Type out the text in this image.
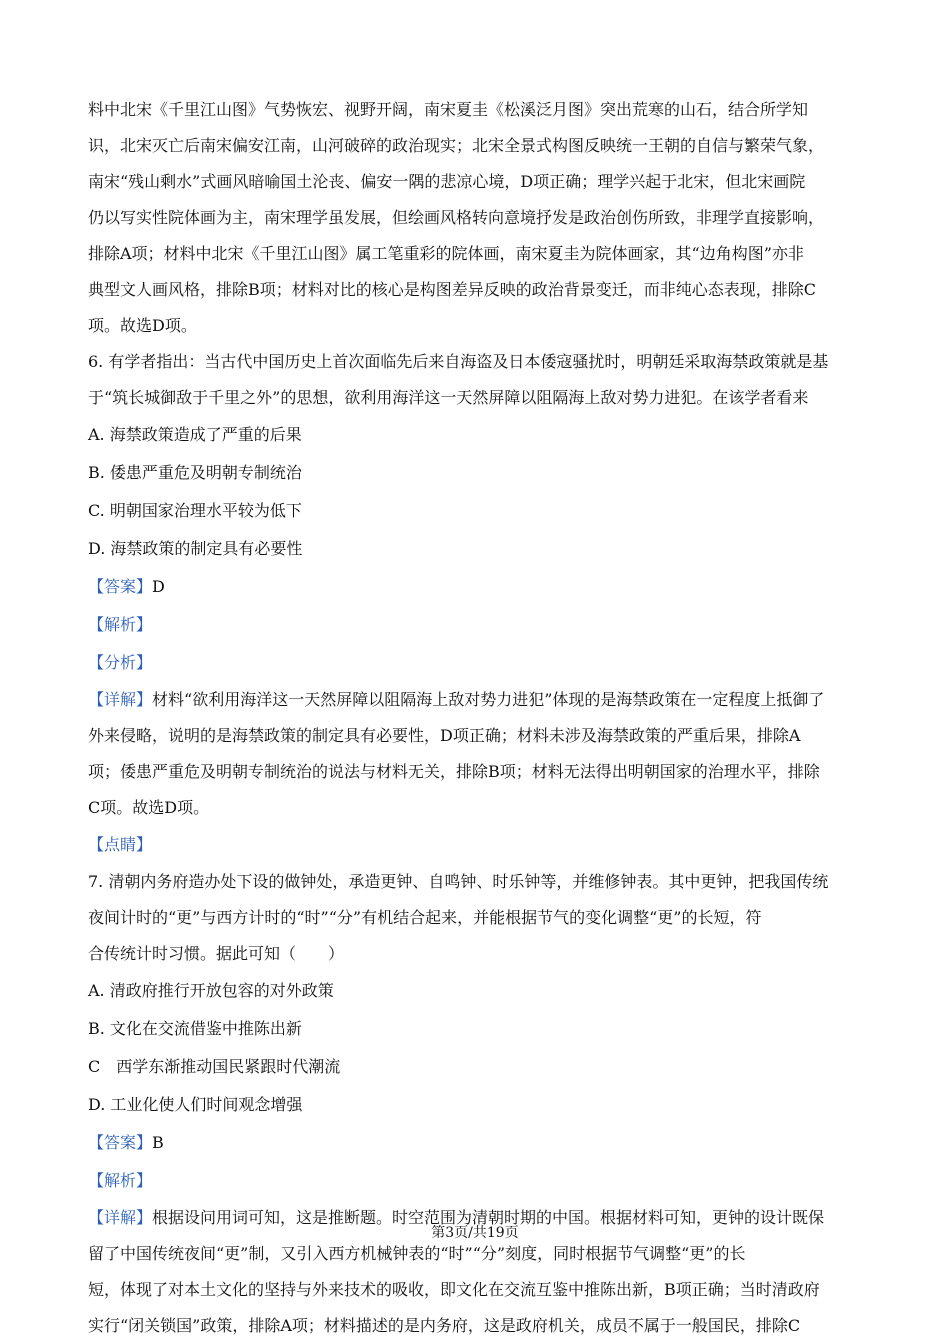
料中北宋《千里江山图》气势恢宏、视野开阔，南宋夏圭《松溪泛月图》突出荒寒的山石，结合所学知
识，北宋灭亡后南宋偏安江南，山河破碎的政治现实；北宋全景式构图反映统一王朝的自信与繁荣气象，
南宋“残山剩水”式画风暗喻国土沦丧、偏安一隅的悲凉心境，D项正确；理学兴起于北宋，但北宋画院
仍以写实性院体画为主，南宋理学虽发展，但绘画风格转向意境抒发是政治创伤所致，非理学直接影响，
排除A项；材料中北宋《千里江山图》属工笔重彩的院体画，南宋夏圭为院体画家，其“边角构图”亦非
典型文人画风格，排除B项；材料对比的核心是构图差异反映的政治背景变迁，而非纯心态表现，排除C
项。故选D项。
6. 有学者指出：当古代中国历史上首次面临先后来自海盗及日本倭寇骚扰时，明朝廷采取海禁政策就是基
于“筑长城御敌于千里之外”的思想，欲利用海洋这一天然屏障以阻隔海上敌对势力进犯。在该学者看来
A. 海禁政策造成了严重的后果
B. 倭患严重危及明朝专制统治
C. 明朝国家治理水平较为低下
D. 海禁政策的制定具有必要性
【答案】D
【解析】
【分析】
【详解】材料“欲利用海洋这一天然屏障以阻隔海上敌对势力进犯”体现的是海禁政策在一定程度上抵御了
外来侵略，说明的是海禁政策的制定具有必要性，D项正确；材料未涉及海禁政策的严重后果，排除A
项；倭患严重危及明朝专制统治的说法与材料无关，排除B项；材料无法得出明朝国家的治理水平，排除
C项。故选D项。
【点睛】
7. 清朝内务府造办处下设的做钟处，承造更钟、自鸣钟、时乐钟等，并维修钟表。其中更钟，把我国传统
夜间计时的“更”与西方计时的“时”“分”有机结合起来，并能根据节气的变化调整“更”的长短，符
合传统计时习惯。据此可知（　　）
A. 清政府推行开放包容的对外政策
B. 文化在交流借鉴中推陈出新
C　西学东渐推动国民紧跟时代潮流
D. 工业化使人们时间观念增强
【答案】B
【解析】
【详解】根据设问用词可知，这是推断题。时空范围为清朝时期的中国。根据材料可知，更钟的设计既保
留了中国传统夜间“更”制，又引入西方机械钟表的“时”“分”刻度，同时根据节气调整“更”的长
短，体现了对本土文化的坚持与外来技术的吸收，即文化在交流互鉴中推陈出新，B项正确；当时清政府
实行“闭关锁国”政策，排除A项；材料描述的是内务府，这是政府机关，成员不属于一般国民，排除C
第3页/共19页
